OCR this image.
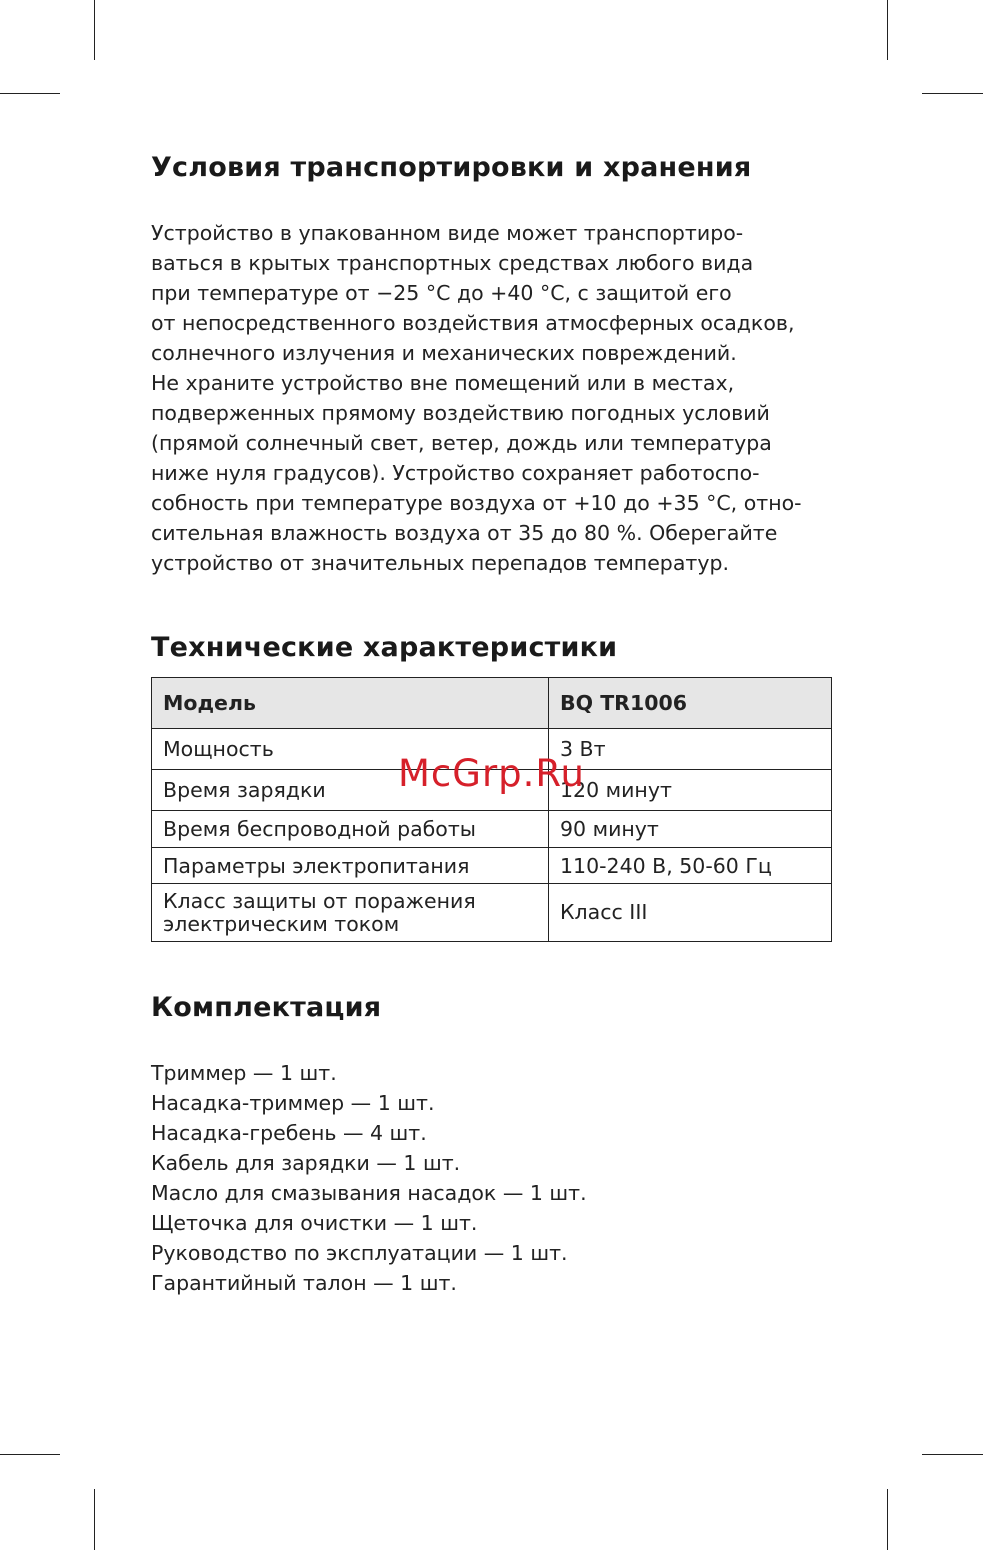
Условия транспортировки и хранения
Устройство в упакованном виде может транспортиро-
ваться в крытых транспортных средствах любого вида
при температуре от −25 °C до +40 °C, с защитой его
от непосредственного воздействия атмосферных осадков,
солнечного излучения и механических повреждений.
Не храните устройство вне помещений или в местах,
подверженных прямому воздействию погодных условий
(прямой солнечный свет, ветер, дождь или температура
ниже нуля градусов). Устройство сохраняет работоспо-
собность при температуре воздуха от +10 до +35 °C, отно-
сительная влажность воздуха от 35 до 80 %. Оберегайте
устройство от значительных перепадов температур.
Технические характеристики
Модель	BQ TR1006
Мощность	3 Вт
Время зарядки	120 минут
Время беспроводной работы	90 минут
Параметры электропитания	110-240 В, 50-60 Гц
Класс защиты от поражения
электрическим током	Класс III
McGrp.Ru
Комплектация
Триммер — 1 шт.
Насадка-триммер — 1 шт.
Насадка-гребень — 4 шт.
Кабель для зарядки — 1 шт.
Масло для смазывания насадок — 1 шт.
Щеточка для очистки — 1 шт.
Руководство по эксплуатации — 1 шт.
Гарантийный талон — 1 шт.
